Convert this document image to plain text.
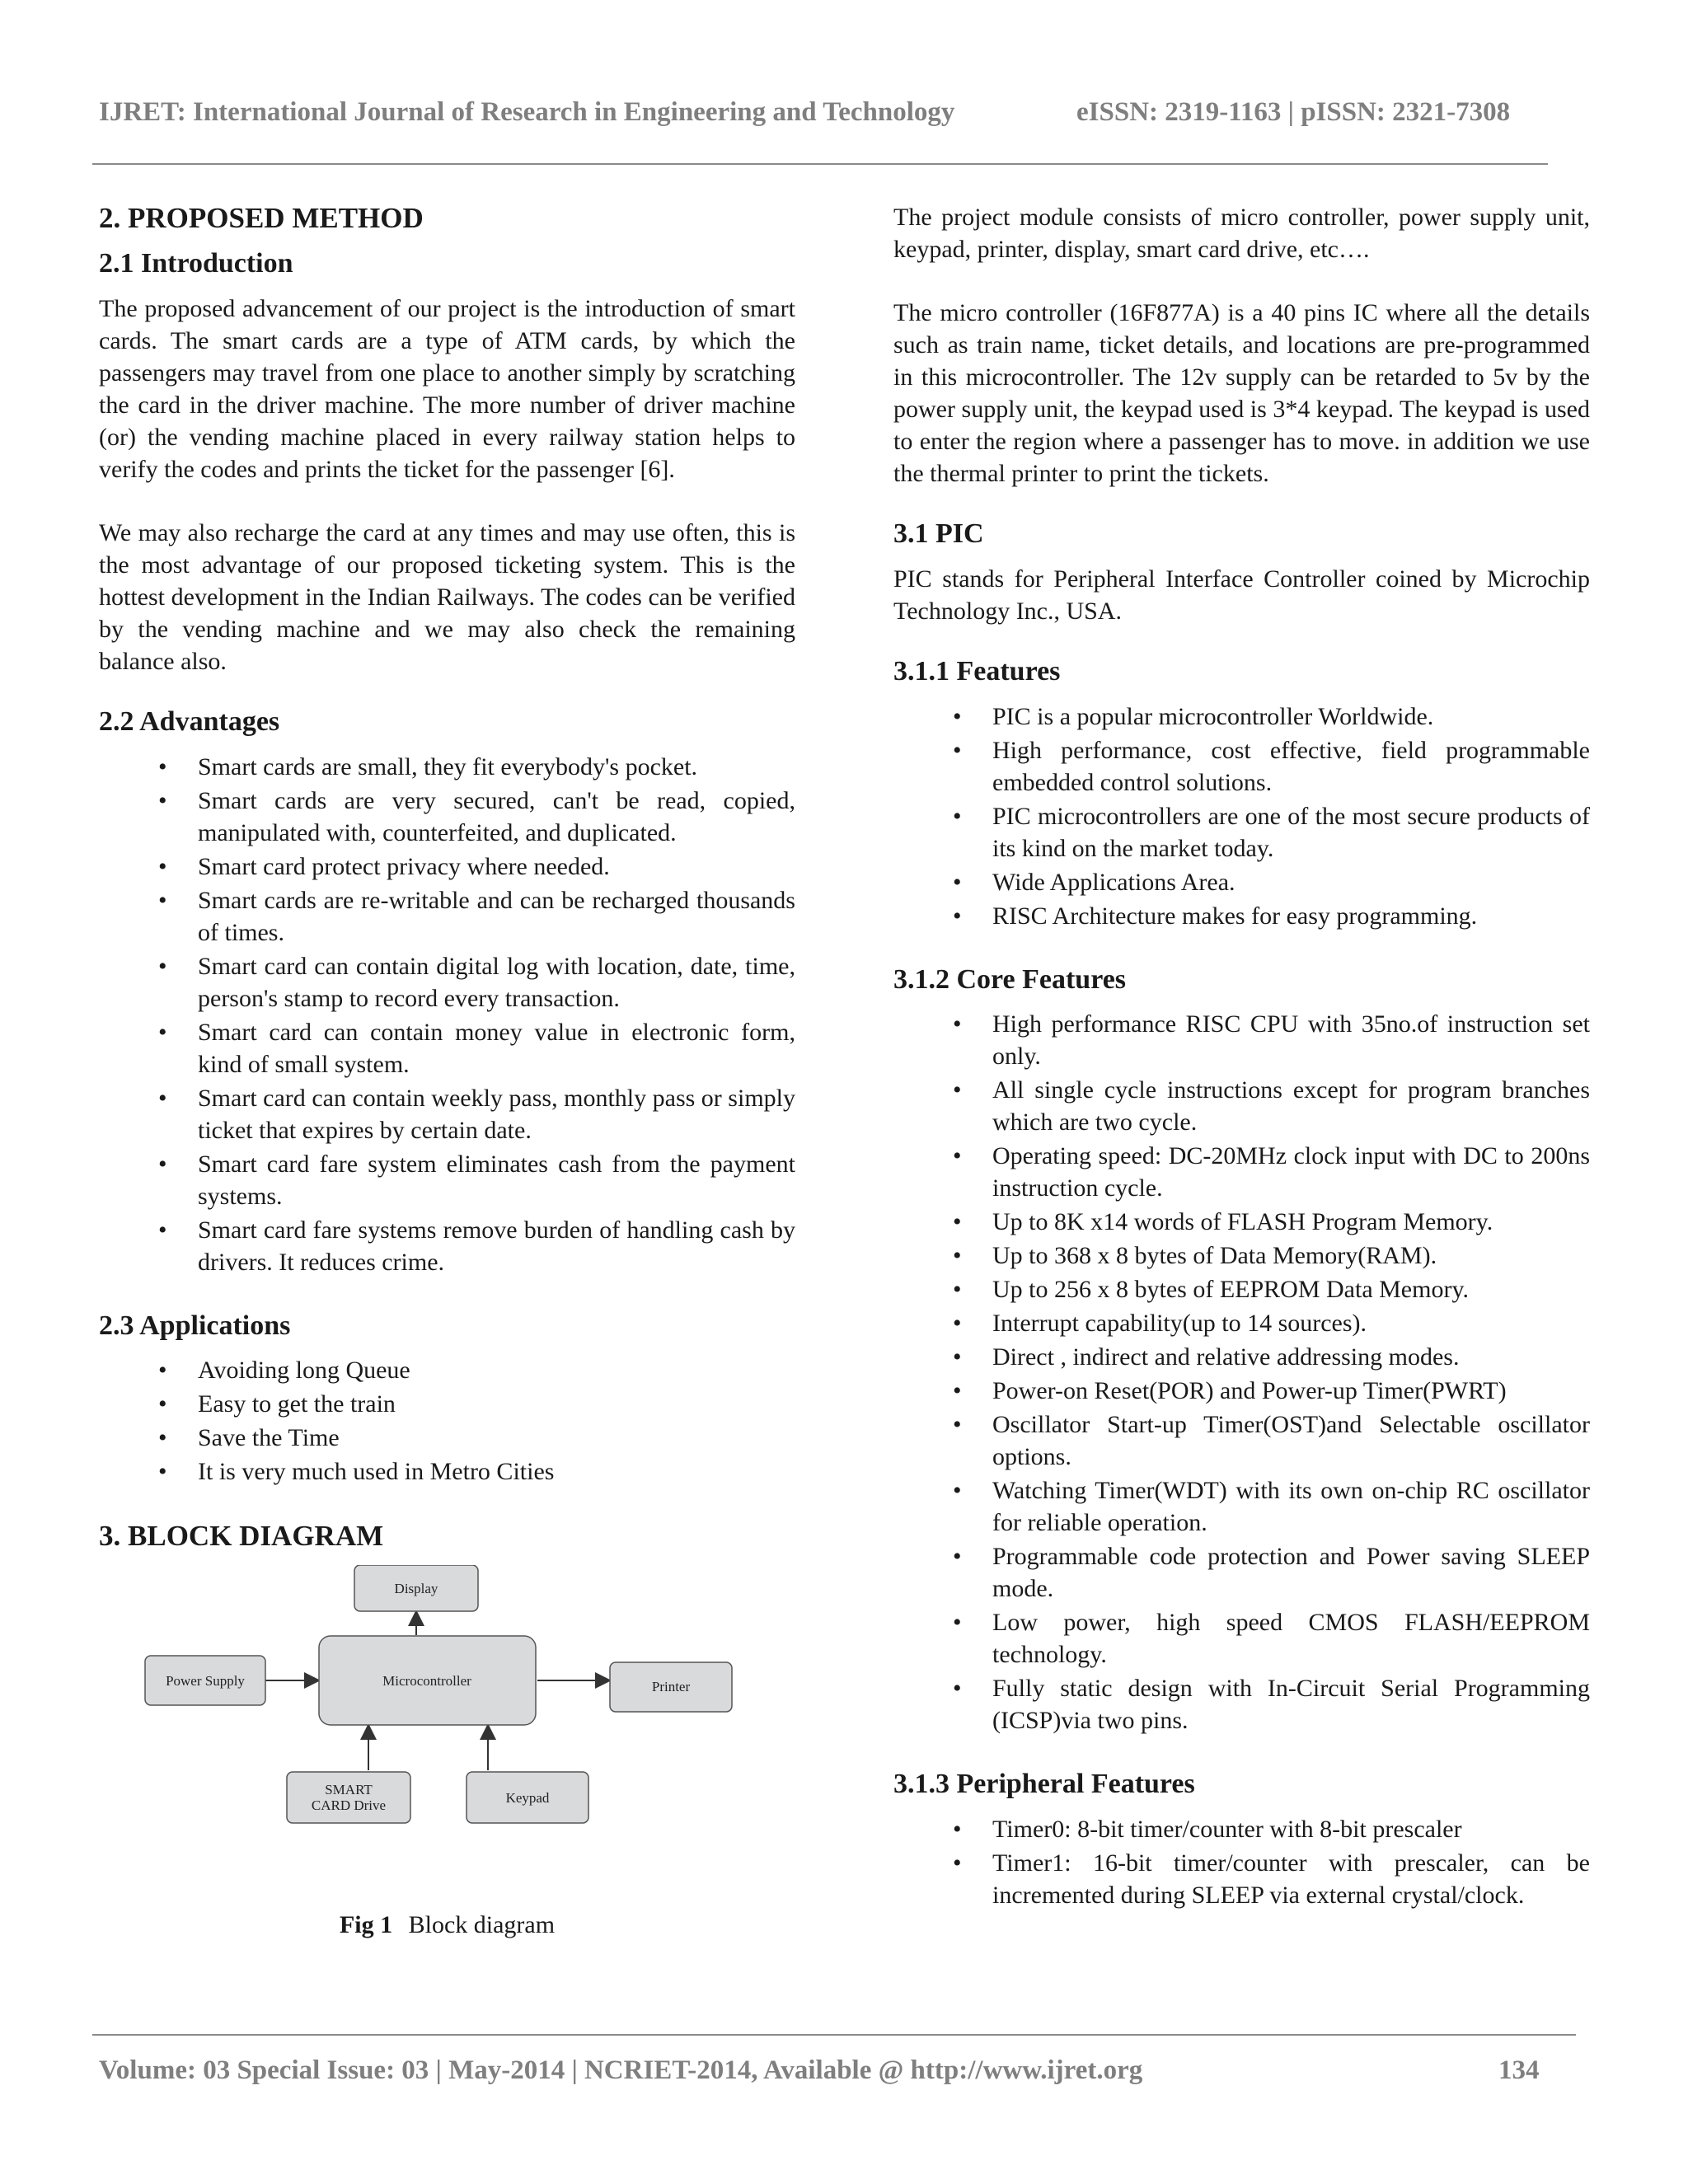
IJRET: International Journal of Research in Engineering and Technology	eISSN: 2319-1163 | pISSN: 2321-7308
2. PROPOSED METHOD
2.1 Introduction

The proposed advancement of our project is the introduction of smart cards. The smart cards are a type of ATM cards, by which the passengers may travel from one place to another simply by scratching the card in the driver machine. The more number of driver machine (or) the vending machine placed in every railway station helps to verify the codes and prints the ticket for the passenger [6].

We may also recharge the card at any times and may use often, this is the most advantage of our proposed ticketing system. This is the hottest development in the Indian Railways. The codes can be verified by the vending machine and we may also check the remaining balance also.

2.2 Advantages
• Smart cards are small, they fit everybody's pocket.
• Smart cards are very secured, can't be read, copied, manipulated with, counterfeited, and duplicated.
• Smart card protect privacy where needed.
• Smart cards are re-writable and can be recharged thousands of times.
• Smart card can contain digital log with location, date, time, person's stamp to record every transaction.
• Smart card can contain money value in electronic form, kind of small system.
• Smart card can contain weekly pass, monthly pass or simply ticket that expires by certain date.
• Smart card fare system eliminates cash from the payment systems.
• Smart card fare systems remove burden of handling cash by drivers. It reduces crime.
2.3 Applications
• Avoiding long Queue
• Easy to get the train
• Save the Time
• It is very much used in Metro Cities
3. BLOCK DIAGRAM
Display
Power Supply	Microcontroller	Printer
SMART
CARD Drive	Keypad
Fig 1 Block diagram

The project module consists of micro controller, power supply unit, keypad, printer, display, smart card drive, etc….

The micro controller (16F877A) is a 40 pins IC where all the details such as train name, ticket details, and locations are pre-programmed in this microcontroller. The 12v supply can be retarded to 5v by the power supply unit, the keypad used is 3*4 keypad. The keypad is used to enter the region where a passenger has to move. in addition we use the thermal printer to print the tickets.

3.1 PIC

PIC stands for Peripheral Interface Controller coined by Microchip Technology Inc., USA.

3.1.1 Features
• PIC is a popular microcontroller Worldwide.
• High performance, cost effective, field programmable embedded control solutions.
• PIC microcontrollers are one of the most secure products of its kind on the market today.
• Wide Applications Area.
• RISC Architecture makes for easy programming.
3.1.2 Core Features
• High performance RISC CPU with 35no.of instruction set only.
• All single cycle instructions except for program branches which are two cycle.
• Operating speed: DC-20MHz clock input with DC to 200ns instruction cycle.
• Up to 8K x14 words of FLASH Program Memory.
• Up to 368 x 8 bytes of Data Memory(RAM).
• Up to 256 x 8 bytes of EEPROM Data Memory.
• Interrupt capability(up to 14 sources).
• Direct , indirect and relative addressing modes.
• Power-on Reset(POR) and Power-up Timer(PWRT)
• Oscillator Start-up Timer(OST)and Selectable oscillator options.
• Watching Timer(WDT) with its own on-chip RC oscillator for reliable operation.
• Programmable code protection and Power saving SLEEP mode.
• Low power, high speed CMOS FLASH/EEPROM technology.
• Fully static design with In-Circuit Serial Programming (ICSP)via two pins.
3.1.3 Peripheral Features
• Timer0: 8-bit timer/counter with 8-bit prescaler
• Timer1: 16-bit timer/counter with prescaler, can be incremented during SLEEP via external crystal/clock.
Volume: 03 Special Issue: 03 | May-2014 | NCRIET-2014, Available @ http://www.ijret.org	134
